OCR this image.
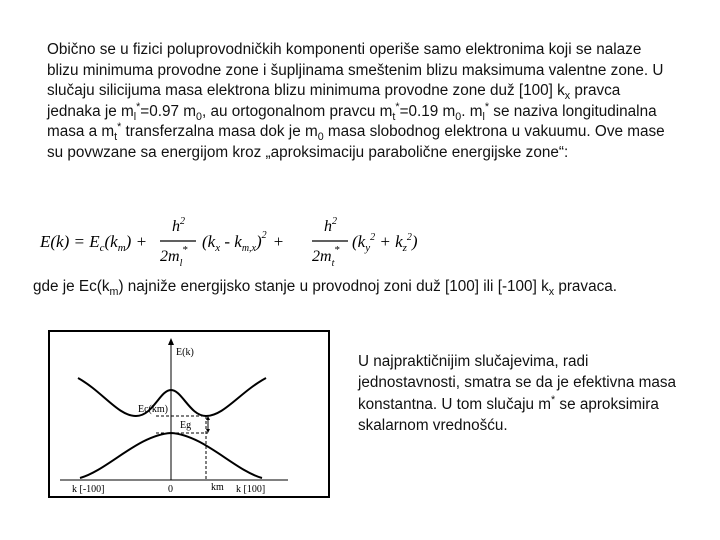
Obično se u fizici poluprovodničkih komponenti operiše samo elektronima koji se nalaze blizu minimuma provodne zone i šupljinama smeštenim blizu maksimuma valentne zone. U slučaju silicijuma masa elektrona blizu minimuma provodne zone duž [100] $k_x$ pravca jednaka je $m_l^*=0.97$ $m_0$, au ortogonalnom pravcu $m_t^*=0.19$ $m_0$. $m_l^*$ se naziva longitudinalna masa a $m_t^*$ transferzalna masa dok je $m_0$ masa slobodnog elektrona u vakuumu. Ove mase su povwzane sa energijom kroz „aproksimaciju parabolične energijske zone“:
$E(k) = E_c(k_m)$ +
$h^2$
$2m_l$
* $(k_x - k_{m,x})^2$ +
$h^2$
$2m_t$
* $(k_y^2 + k_z^2)$
gde je $Ec(k_m)$ najniže energijsko stanje u provodnoj zoni duž [100] ili [-100] $k_x$ pravaca.
E(k)
Ec(km)
Eg
k [-100]	0	km k [100]
U najpraktičnijim slučajevima, radi jednostavnosti, smatra se da je efektivna masa konstantna. U tom slučaju m* se aproksimira skalarnom vrednošću.
